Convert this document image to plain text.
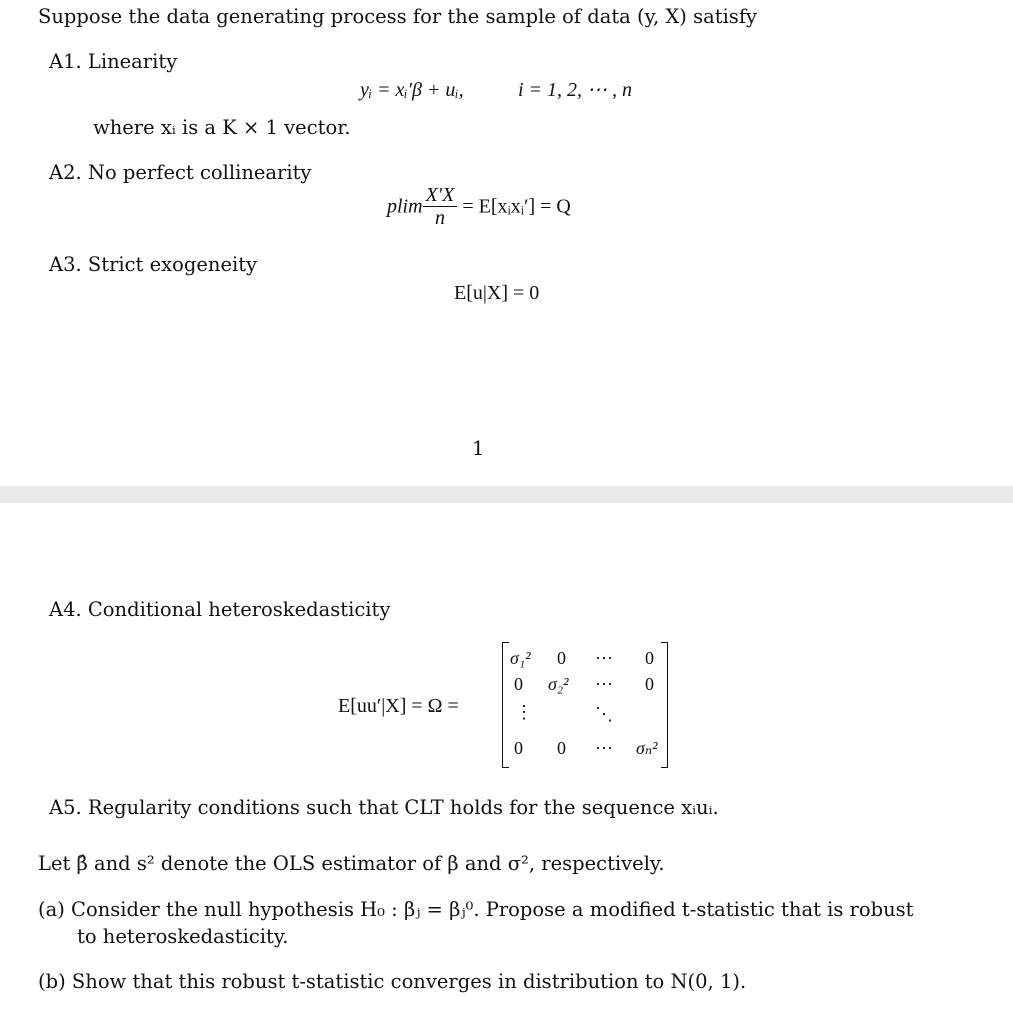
Suppose the data generating process for the sample of data (y, X) satisfy
A1. Linearity
yᵢ = xᵢ′β + uᵢ,	i = 1, 2, ⋯ , n
where xᵢ is a K × 1 vector.
A2. No perfect collinearity
plim $\frac{X'X}{n}$ = E[xᵢxᵢ′] = Q
A3. Strict exogeneity
E[u|X] = 0
1
A4. Conditional heteroskedasticity
E[uu′|X] = Ω =
σ₁² 0 ⋯ 0
0 σ₂² ⋯ 0
⋮	⋱
0 0 ⋯ σₙ²
A5. Regularity conditions such that CLT holds for the sequence xᵢuᵢ.
Let β̂ and s² denote the OLS estimator of β and σ², respectively.
(a) Consider the null hypothesis H₀ : βⱼ = βⱼ⁰. Propose a modified t-statistic that is robust
to heteroskedasticity.
(b) Show that this robust t-statistic converges in distribution to N(0, 1).
